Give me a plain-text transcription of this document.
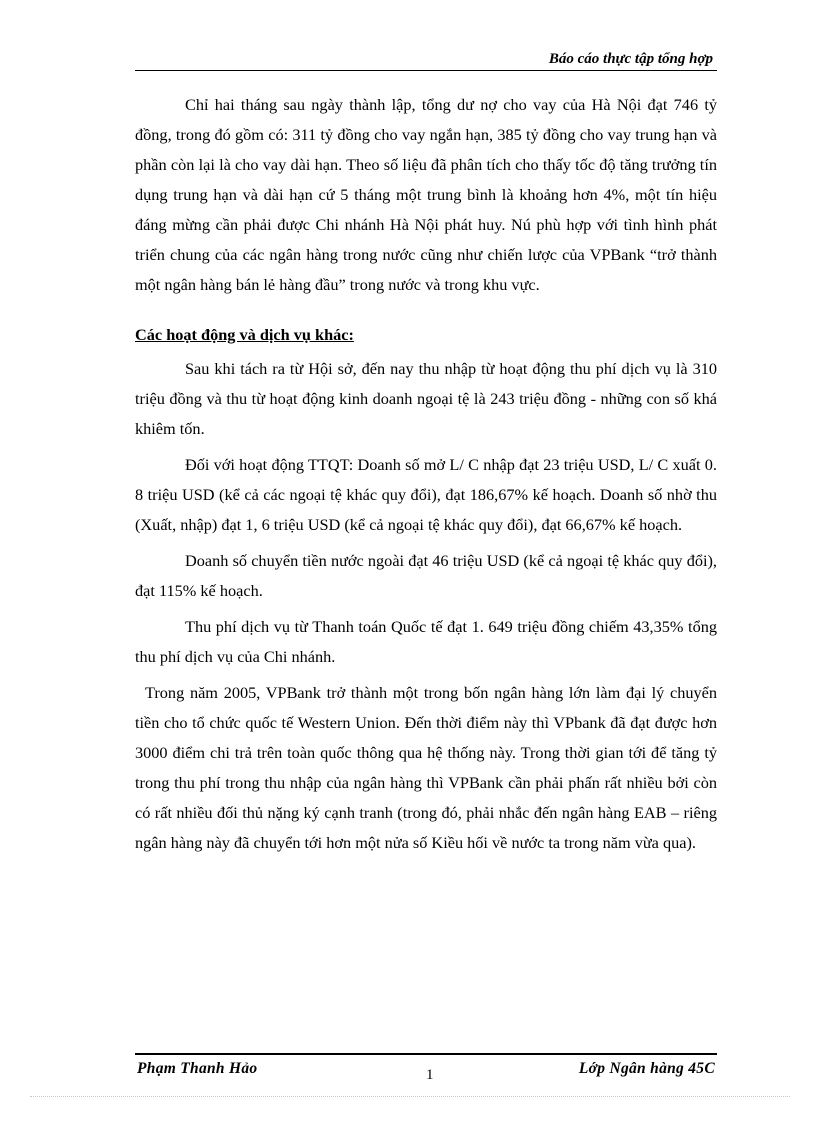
Báo cáo thực tập tổng hợp

Chỉ hai tháng sau ngày thành lập, tổng dư nợ cho vay của Hà Nội đạt 746 tỷ đồng, trong đó gồm có: 311 tỷ đồng cho vay ngắn hạn, 385 tỷ đồng cho vay trung hạn và phần còn lại là cho vay dài hạn. Theo số liệu đã phân tích cho thấy tốc độ tăng trưởng tín dụng trung hạn và dài hạn cứ 5 tháng một trung bình là khoảng hơn 4%, một tín hiệu đáng mừng cần phải được Chi nhánh Hà Nội phát huy. Nú phù hợp với tình hình phát triển chung của các ngân hàng trong nước cũng như chiến lược của VPBank “trở thành một ngân hàng bán lẻ hàng đầu” trong nước và trong khu vực.

Các hoạt động và dịch vụ khác:

Sau khi tách ra từ Hội sở, đến nay thu nhập từ hoạt động thu phí dịch vụ là 310 triệu đồng và thu từ hoạt động kinh doanh ngoại tệ là 243 triệu đồng - những con số khá khiêm tốn.

Đối với hoạt động TTQT: Doanh số mở L/ C nhập đạt 23 triệu USD, L/ C xuất 0. 8 triệu USD (kể cả các ngoại tệ khác quy đổi), đạt 186,67% kế hoạch. Doanh số nhờ thu (Xuất, nhập) đạt 1, 6 triệu USD (kể cả ngoại tệ khác quy đổi), đạt 66,67% kế hoạch.

Doanh số chuyển tiền nước ngoài đạt 46 triệu USD (kể cả ngoại tệ khác quy đổi), đạt 115% kế hoạch.

Thu phí dịch vụ từ Thanh toán Quốc tế đạt 1. 649 triệu đồng chiếm 43,35% tổng thu phí dịch vụ của Chi nhánh.

Trong năm 2005, VPBank trở thành một trong bốn ngân hàng lớn làm đại lý chuyển tiền cho tổ chức quốc tế Western Union. Đến thời điểm này thì VPbank đã đạt được hơn 3000 điểm chi trả trên toàn quốc thông qua hệ thống này. Trong thời gian tới để tăng tỷ trong thu phí trong thu nhập của ngân hàng thì VPBank cần phải phấn rất nhiều bởi còn có rất nhiều đối thủ nặng ký cạnh tranh (trong đó, phải nhắc đến ngân hàng EAB – riêng ngân hàng này đã chuyển tới hơn một nửa số Kiều hối về nước ta trong năm vừa qua).

Phạm Thanh Hảo	1	Lớp Ngân hàng 45C
